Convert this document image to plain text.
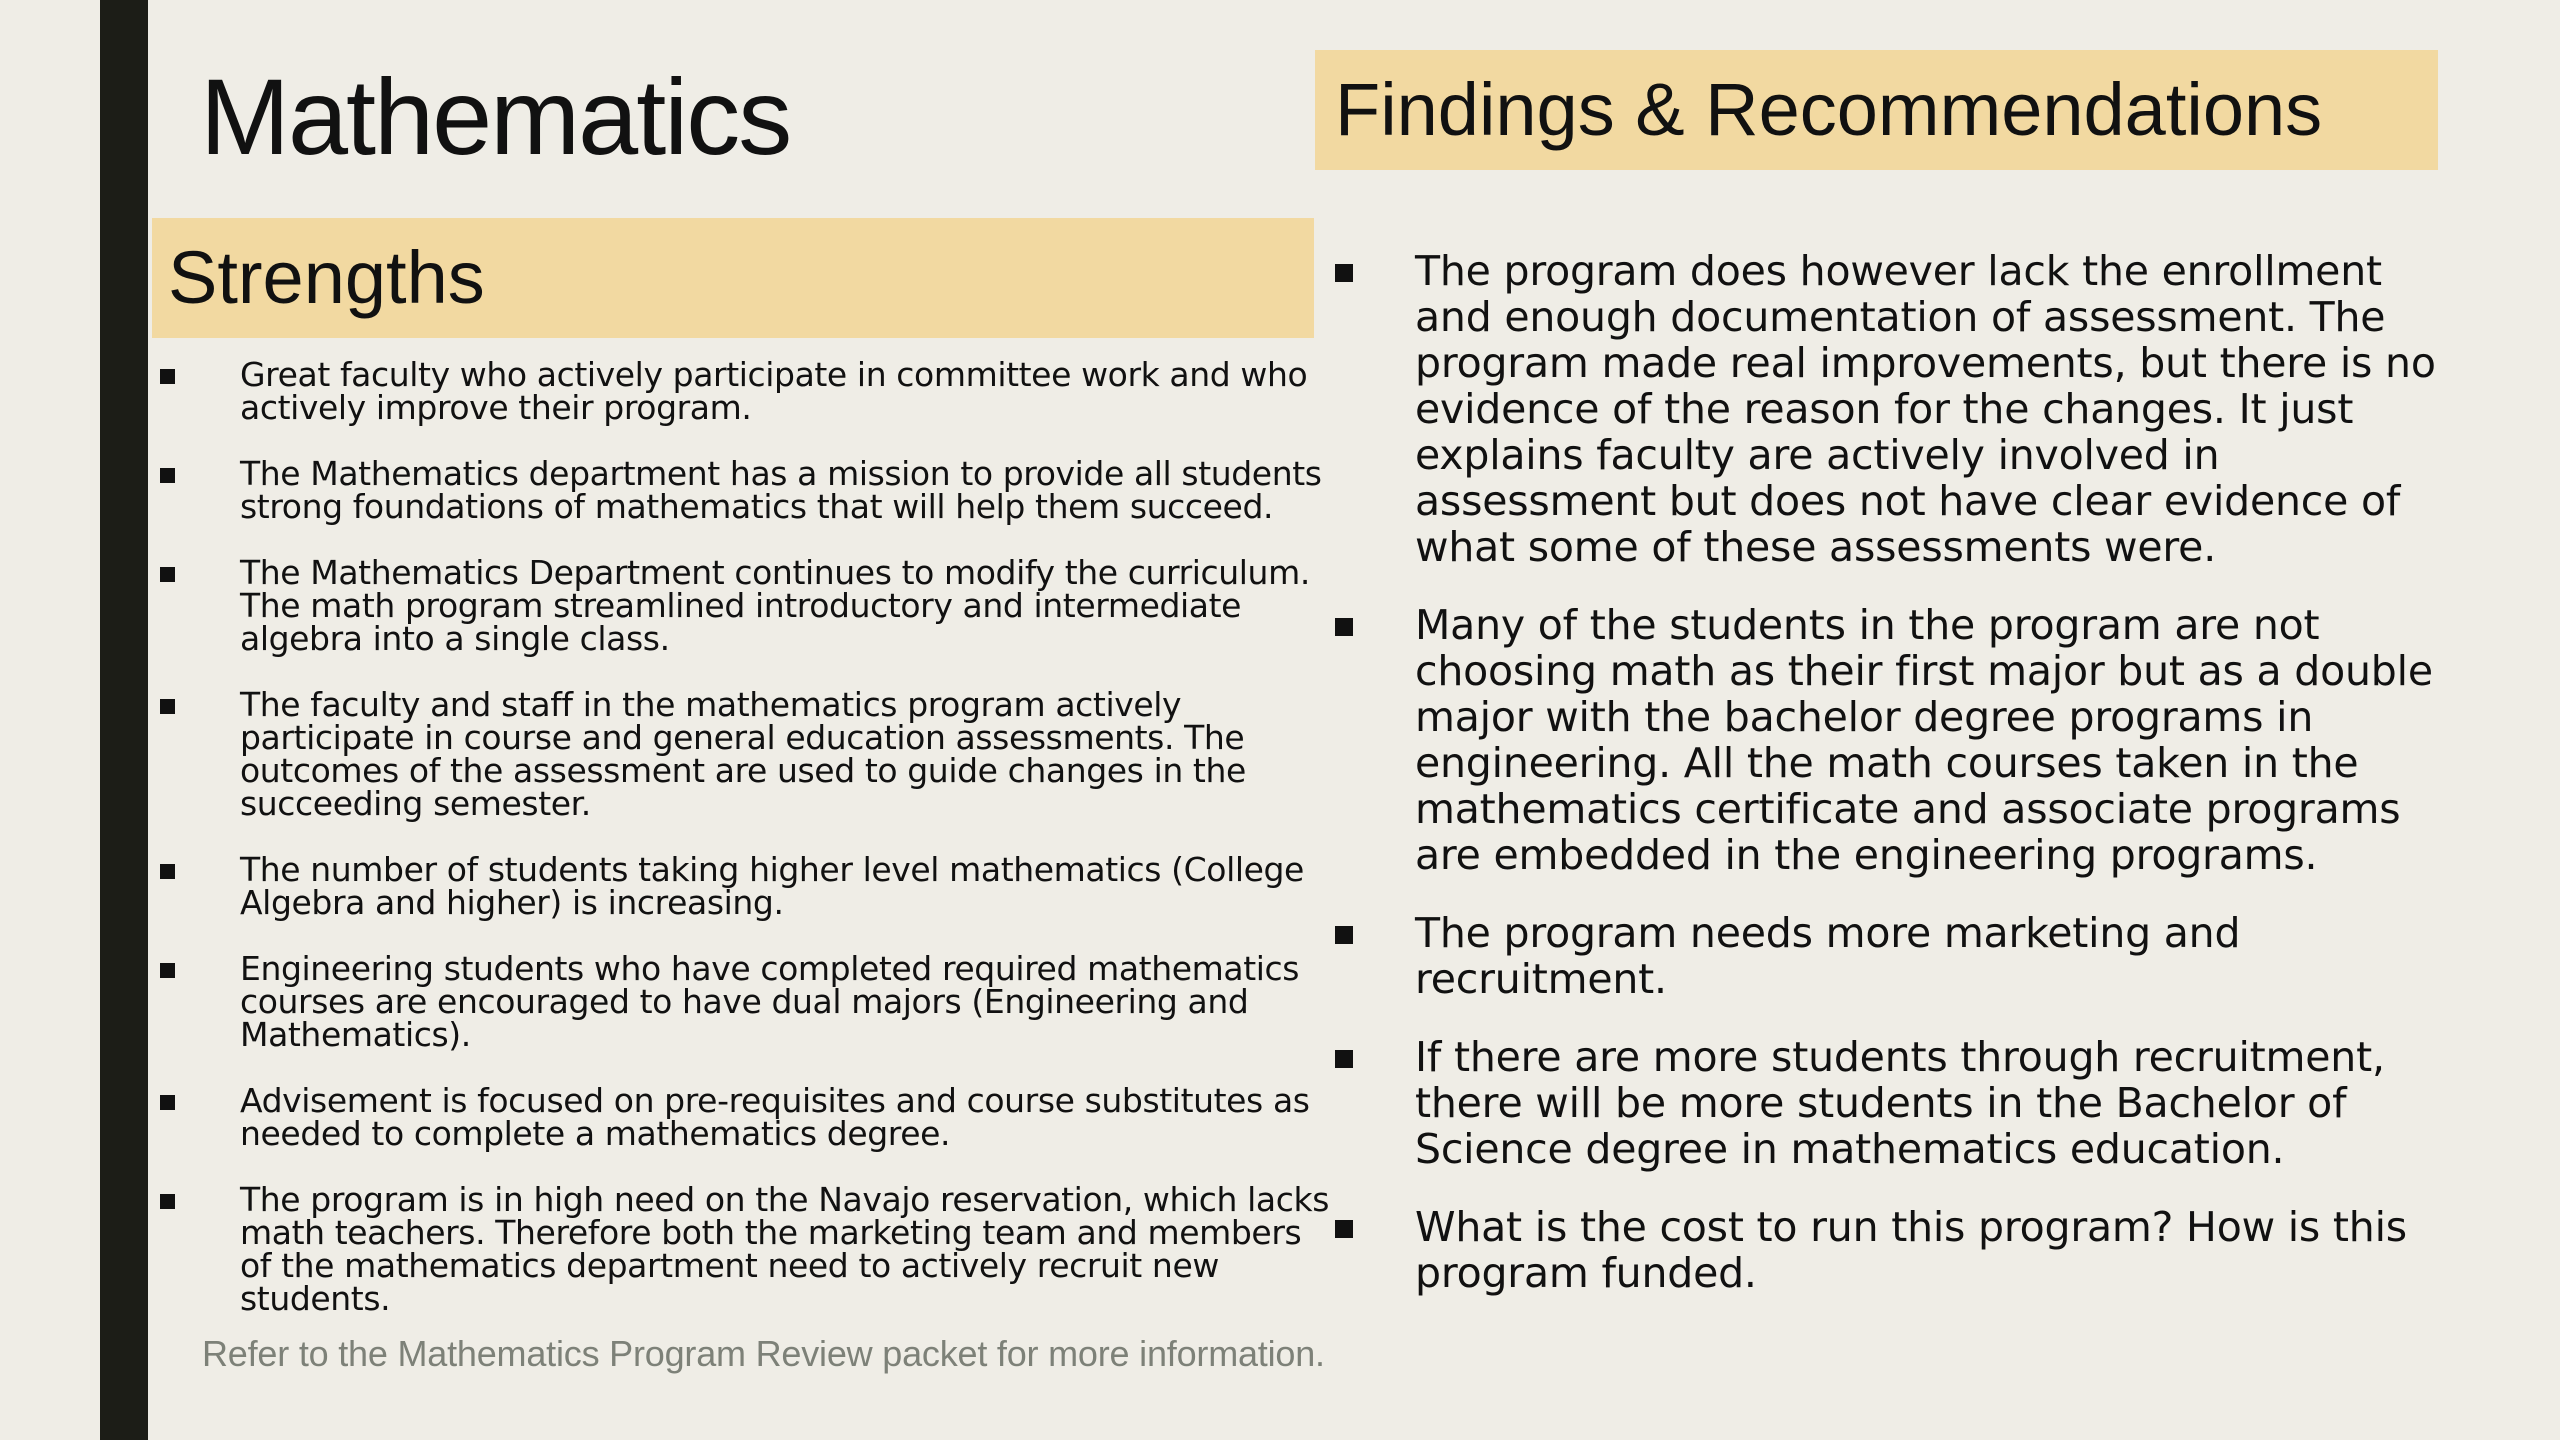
Mathematics
Strengths
Great faculty who actively participate in committee work and who actively improve their program.
The Mathematics department has a mission to provide all students strong foundations of mathematics that will help them succeed.
The Mathematics Department continues to modify the curriculum. The math program streamlined introductory and intermediate algebra into a single class.
The faculty and staff in the mathematics program actively participate in course and general education assessments. The outcomes of the assessment are used to guide changes in the succeeding semester.
The number of students taking higher level mathematics (College Algebra and higher) is increasing.
Engineering students who have completed required mathematics courses are encouraged to have dual majors (Engineering and Mathematics).
Advisement is focused on pre-requisites and course substitutes as needed to complete a mathematics degree.
The program is in high need on the Navajo reservation, which lacks math teachers. Therefore both the marketing team and members of the mathematics department need to actively recruit new students.
Findings & Recommendations
The program does however lack the enrollment and enough documentation of assessment. The program made real improvements, but there is no evidence of the reason for the changes. It just explains faculty are actively involved in assessment but does not have clear evidence of what some of these assessments were.
Many of the students in the program are not choosing math as their first major but as a double major with the bachelor degree programs in engineering. All the math courses taken in the mathematics certificate and associate programs are embedded in the engineering programs.
The program needs more marketing and recruitment.
If there are more students through recruitment, there will be more students in the Bachelor of Science degree in mathematics education.
What is the cost to run this program? How is this program funded.

Refer to the Mathematics Program Review packet for more information.
